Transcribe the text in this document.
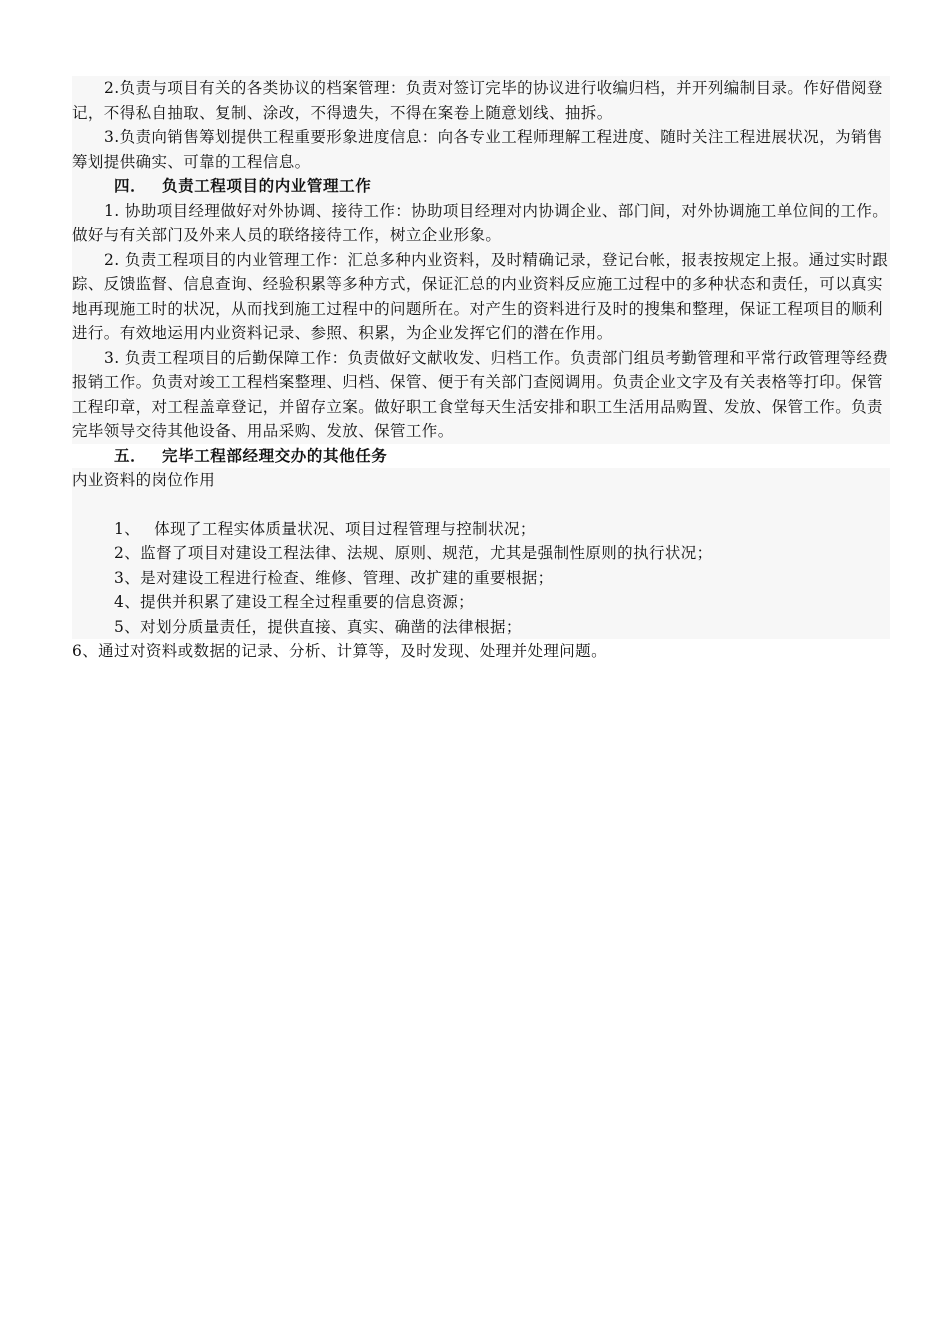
2.负责与项目有关的各类协议的档案管理：负责对签订完毕的协议进行收编归档，并开列编制目录。作好借阅登记，不得私自抽取、复制、涂改，不得遗失，不得在案卷上随意划线、抽拆。

3.负责向销售筹划提供工程重要形象进度信息：向各专业工程师理解工程进度、随时关注工程进展状况，为销售筹划提供确实、可靠的工程信息。

四． 负责工程项目的内业管理工作

1. 协助项目经理做好对外协调、接待工作：协助项目经理对内协调企业、部门间，对外协调施工单位间的工作。做好与有关部门及外来人员的联络接待工作，树立企业形象。

2. 负责工程项目的内业管理工作：汇总多种内业资料，及时精确记录，登记台帐，报表按规定上报。通过实时跟踪、反馈监督、信息查询、经验积累等多种方式，保证汇总的内业资料反应施工过程中的多种状态和责任，可以真实地再现施工时的状况，从而找到施工过程中的问题所在。对产生的资料进行及时的搜集和整理，保证工程项目的顺利进行。有效地运用内业资料记录、参照、积累，为企业发挥它们的潜在作用。

3. 负责工程项目的后勤保障工作：负责做好文献收发、归档工作。负责部门组员考勤管理和平常行政管理等经费报销工作。负责对竣工工程档案整理、归档、保管、便于有关部门查阅调用。负责企业文字及有关表格等打印。保管工程印章，对工程盖章登记，并留存立案。做好职工食堂每天生活安排和职工生活用品购置、发放、保管工作。负责完毕领导交待其他设备、用品采购、发放、保管工作。

五． 完毕工程部经理交办的其他任务

内业资料的岗位作用

1、 体现了工程实体质量状况、项目过程管理与控制状况；

2、监督了项目对建设工程法律、法规、原则、规范，尤其是强制性原则的执行状况；

3、是对建设工程进行检查、维修、管理、改扩建的重要根据；

4、提供并积累了建设工程全过程重要的信息资源；

5、对划分质量责任，提供直接、真实、确凿的法律根据；

6、通过对资料或数据的记录、分析、计算等，及时发现、处理并处理问题。
